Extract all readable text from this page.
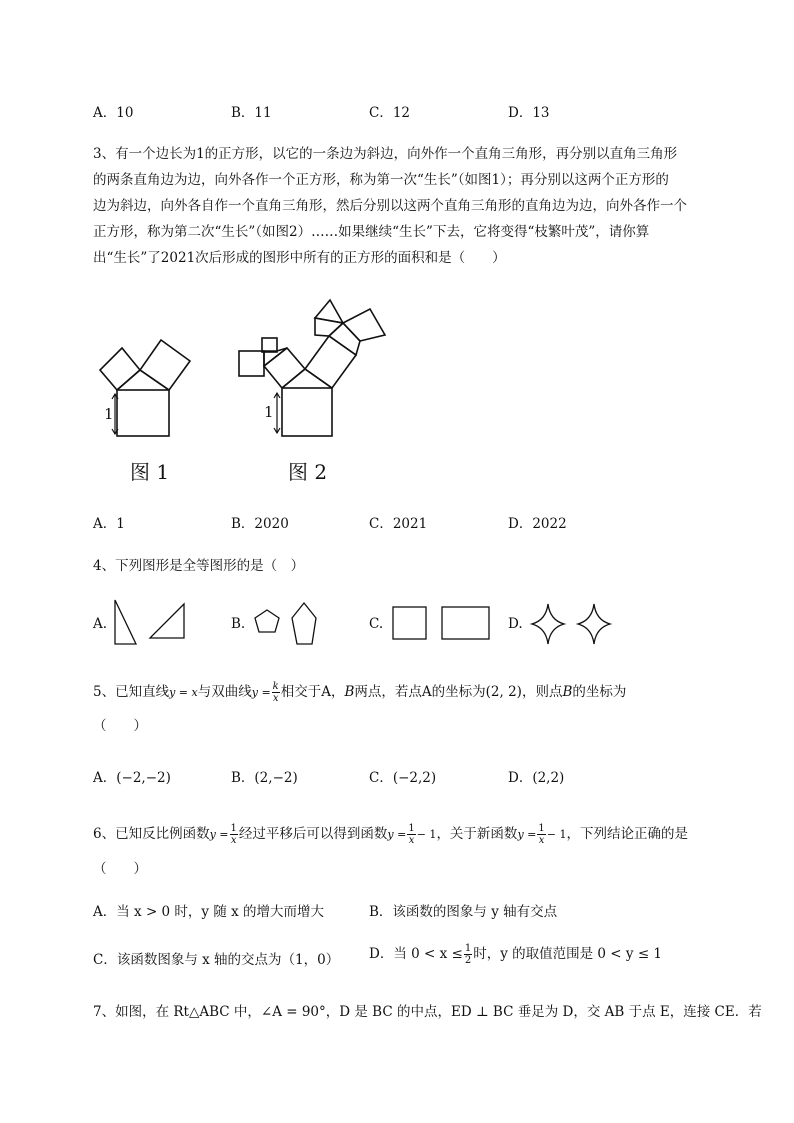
A．10	B．11	C．12	D．13
3、有一个边长为1的正方形，以它的一条边为斜边，向外作一个直角三角形，再分别以直角三角形
的两条直角边为边，向外各作一个正方形，称为第一次“生长”（如图1）；再分别以这两个正方形的
边为斜边，向外各自作一个直角三角形，然后分别以这两个直角三角形的直角边为边，向外各作一个
正方形，称为第二次“生长”（如图2）……如果继续“生长”下去，它将变得“枝繁叶茂”，请你算
出“生长”了2021次后形成的图形中所有的正方形的面积和是（　　）
1
图 1
1
图 2
A．1	B．2020	C．2021	D．2022
4、下列图形是全等图形的是（　）
A.	B.	C.	D.
5、已知直线y = x与双曲线$y = \frac{k}{x}$ 相交于A，B两点，若点A的坐标为(2, 2)，则点B的坐标为
（　　）
A．(−2,−2)	B．(2,−2)	C．(−2,2)	D．(2,2)
6、已知反比例函数$y = \frac{1}{x}$ 经过平移后可以得到函数$y = \frac{1}{x} - 1$，关于新函数$y = \frac{1}{x} - 1$，下列结论正确的是
（　　）
A．当 x > 0 时，y 随 x 的增大而增大	B．该函数的图象与 y 轴有交点
C．该函数图象与 x 轴的交点为（1，0） D．当 $0 < x \le \frac{1}{2}$ 时，y 的取值范围是 0 < y ≤ 1
7、如图，在 Rt△ABC 中，∠A = 90°，D 是 BC 的中点，ED ⊥ BC 垂足为 D，交 AB 于点 E，连接 CE．若
